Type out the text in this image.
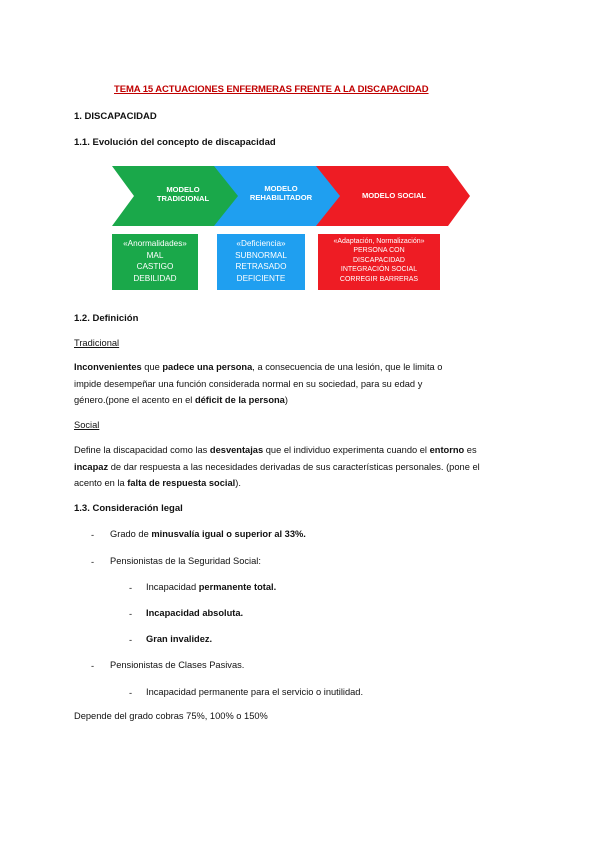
TEMA 15 ACTUACIONES ENFERMERAS FRENTE A LA DISCAPACIDAD
1. DISCAPACIDAD
1.1. Evolución del concepto de discapacidad
MODELO
TRADICIONAL
MODELO
REHABILITADOR	MODELO SOCIAL
«Anormalidades»
MAL
CASTIGO
DEBILIDAD
«Deficiencia»
SUBNORMAL
RETRASADO
DEFICIENTE
«Adaptación, Normalización»
PERSONA CON
DISCAPACIDAD
INTEGRACIÓN SOCIAL
CORREGIR BARRERAS
1.2. Definición
Tradicional
Inconvenientes que padece una persona, a consecuencia de una lesión, que le limita o
impide desempeñar una función considerada normal en su sociedad, para su edad y
género.(pone el acento en el déficit de la persona)
Social
Define la discapacidad como las desventajas que el individuo experimenta cuando el entorno es
incapaz de dar respuesta a las necesidades derivadas de sus características personales. (pone el
acento en la falta de respuesta social).
1.3. Consideración legal
- Grado de minusvalía igual o superior al 33%.
- Pensionistas de la Seguridad Social:
- Incapacidad permanente total.
- Incapacidad absoluta.
- Gran invalidez.
- Pensionistas de Clases Pasivas.
- Incapacidad permanente para el servicio o inutilidad.
Depende del grado cobras 75%, 100% o 150%
